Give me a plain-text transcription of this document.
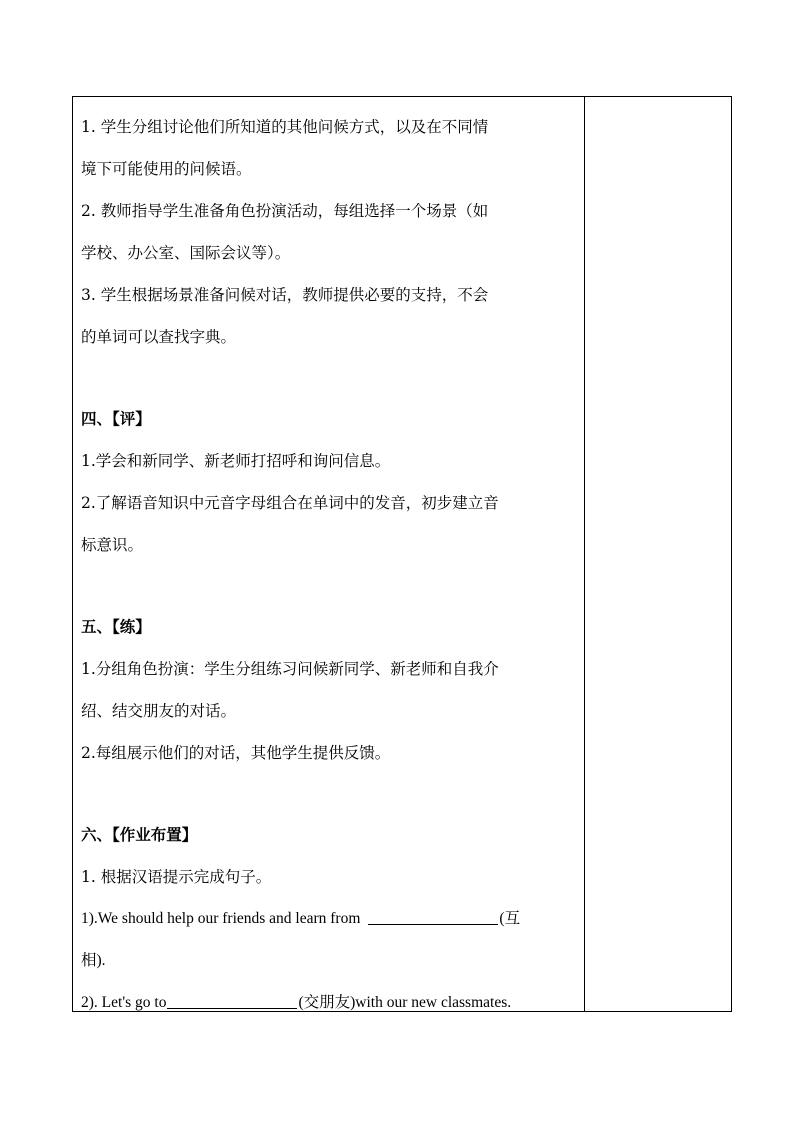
1. 学生分组讨论他们所知道的其他问候方式，以及在不同情
境下可能使用的问候语。
2. 教师指导学生准备角色扮演活动，每组选择一个场景（如
学校、办公室、国际会议等）。
3. 学生根据场景准备问候对话，教师提供必要的支持，不会
的单词可以查找字典。
四、【评】
1.学会和新同学、新老师打招呼和询问信息。
2.了解语音知识中元音字母组合在单词中的发音，初步建立音
标意识。
五、【练】
1.分组角色扮演：学生分组练习问候新同学、新老师和自我介
绍、结交朋友的对话。
2.每组展示他们的对话，其他学生提供反馈。
六、【作业布置】
1. 根据汉语提示完成句子。
1).We should help our friends and learn from	(互
相).
2). Let's go to	(交朋友)with our new classmates.
